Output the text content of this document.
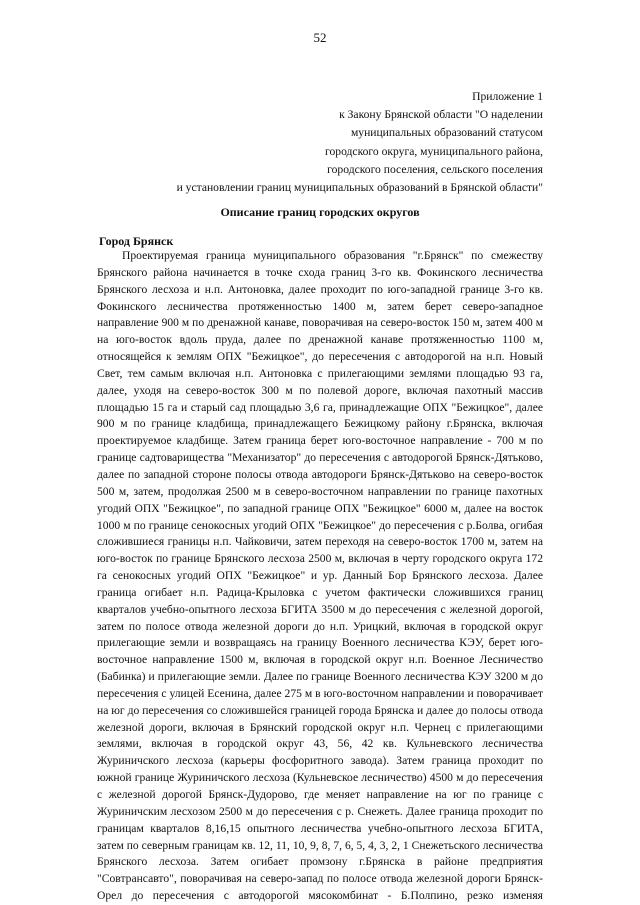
52
Приложение 1
к Закону Брянской области "О наделении
муниципальных образований статусом
городского округа, муниципального района,
городского поселения, сельского поселения
и установлении границ муниципальных образований в Брянской области"
Описание границ городских округов
Город Брянск
Проектируемая граница муниципального образования "г.Брянск" по смежеству
Брянского района начинается в точке схода границ 3-го кв. Фокинского лесничества
Брянского лесхоза и н.п. Антоновка, далее проходит по юго-западной границе 3-го кв.
Фокинского лесничества протяженностью 1400 м, затем берет северо-западное
направление 900 м по дренажной канаве, поворачивая на северо-восток 150 м, затем 400 м
на юго-восток вдоль пруда, далее по дренажной канаве протяженностью 1100 м,
относящейся к землям ОПХ "Бежицкое", до пересечения с автодорогой на н.п. Новый
Свет, тем самым включая н.п. Антоновка с прилегающими землями площадью 93 га,
далее, уходя на северо-восток 300 м по полевой дороге, включая пахотный массив
площадью 15 га и старый сад площадью 3,6 га, принадлежащие ОПХ "Бежицкое", далее
900 м по границе кладбища, принадлежащего Бежицкому району г.Брянска, включая
проектируемое кладбище. Затем граница берет юго-восточное направление - 700 м по
границе садтоварищества "Механизатор" до пересечения с автодорогой Брянск-Дятьково,
далее по западной стороне полосы отвода автодороги Брянск-Дятьково на северо-восток
500 м, затем, продолжая 2500 м в северо-восточном направлении по границе пахотных
угодий ОПХ "Бежицкое", по западной границе ОПХ "Бежицкое" 6000 м, далее на восток
1000 м по границе сенокосных угодий ОПХ "Бежицкое" до пересечения с р.Болва, огибая
сложившиеся границы н.п. Чайковичи, затем переходя на северо-восток 1700 м, затем на
юго-восток по границе Брянского лесхоза 2500 м, включая в черту городского округа 172
га сенокосных угодий ОПХ "Бежицкое" и ур. Данный Бор Брянского лесхоза. Далее
граница огибает н.п. Радица-Крыловка с учетом фактически сложившихся границ
кварталов учебно-опытного лесхоза БГИТА 3500 м до пересечения с железной дорогой,
затем по полосе отвода железной дороги до н.п. Урицкий, включая в городской округ
прилегающие земли и возвращаясь на границу Военного лесничества КЭУ, берет юго-
восточное направление 1500 м, включая в городской округ н.п. Военное Лесничество
(Бабинка) и прилегающие земли. Далее по границе Военного лесничества КЭУ 3200 м до
пересечения с улицей Есенина, далее 275 м в юго-восточном направлении и поворачивает
на юг до пересечения со сложившейся границей города Брянска и далее до полосы отвода
железной дороги, включая в Брянский городской округ н.п. Чернец с прилегающими
землями, включая в городской округ 43, 56, 42 кв. Кульневского лесничества
Журиничского лесхоза (карьеры фосфоритного завода). Затем граница проходит по
южной границе Журиничского лесхоза (Кульневское лесничество) 4500 м до пересечения
с железной дорогой Брянск-Дудорово, где меняет направление на юг по границе с
Журиничским лесхозом 2500 м до пересечения с р. Снежеть. Далее граница проходит по
границам кварталов 8,16,15 опытного лесничества учебно-опытного лесхоза БГИТА,
затем по северным границам кв. 12, 11, 10, 9, 8, 7, 6, 5, 4, 3, 2, 1 Снежетьского лесничества
Брянского лесхоза. Затем огибает промзону г.Брянска в районе предприятия
"Совтрансавто", поворачивая на северо-запад по полосе отвода железной дороги Брянск-
Орел до пересечения с автодорогой мясокомбинат - Б.Полпино, резко изменяя
